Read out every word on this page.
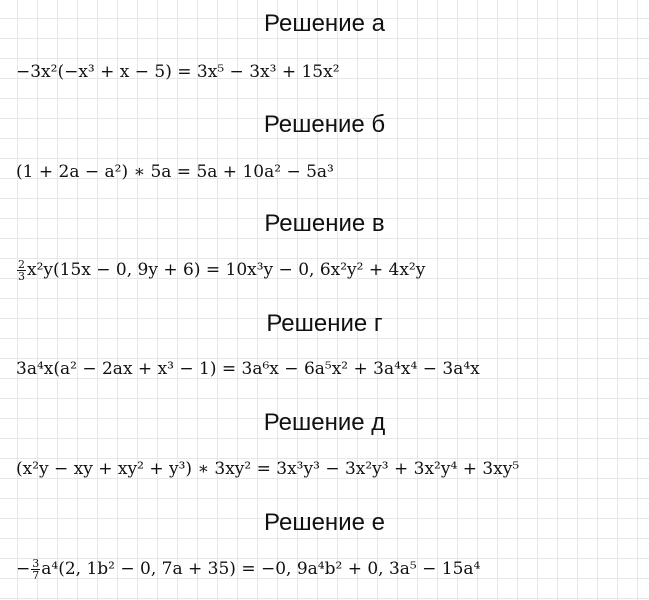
Решение а
−3x²(−x³ + x − 5) = 3x⁵ − 3x³ + 15x²
Решение б
(1 + 2a − a²) ∗ 5a = 5a + 10a² − 5a³
Решение в
$\frac{2}{3} x^2y(15x - 0$, 9y + 6) = 10x³y − 0, 6x²y² + 4x²y
Решение г
3a⁴x(a² − 2ax + x³ − 1) = 3a⁶x − 6a⁵x² + 3a⁴x⁴ − 3a⁴x
Решение д
(x²y − xy + xy² + y³) ∗ 3xy² = 3x³y³ − 3x²y³ + 3x²y⁴ + 3xy⁵
Решение е
− $\frac{3}{7} a^4(2$, 1b² − 0, 7a + 35) = −0, 9a⁴b² + 0, 3a⁵ − 15a⁴
